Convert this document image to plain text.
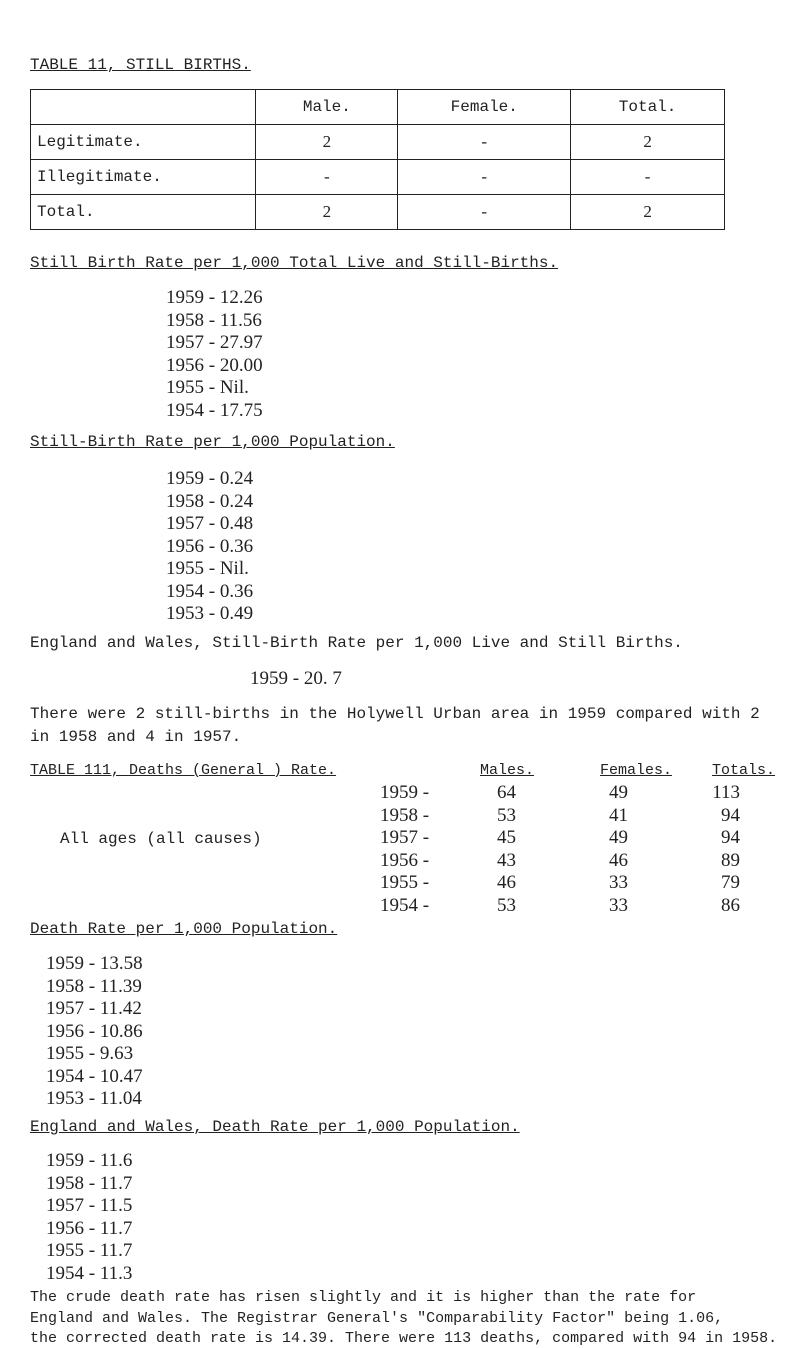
TABLE 11, STILL BIRTHS.
	Male.	Female.	Total.
Legitimate.	2	-	2
Illegitimate.	-	-	-
Total.	2	-	2
Still Birth Rate per 1,000 Total Live and Still-Births.
1959 - 12.26
1958 - 11.56
1957 - 27.97
1956 - 20.00
1955 - Nil.
1954 - 17.75
Still-Birth Rate per 1,000 Population.
1959 - 0.24
1958 - 0.24
1957 - 0.48
1956 - 0.36
1955 - Nil.
1954 - 0.36
1953 - 0.49
England and Wales, Still-Birth Rate per 1,000 Live and Still Births.
1959 - 20. 7
There were 2 still-births in the Holywell Urban area in 1959 compared with 2
in 1958 and 4 in 1957.
TABLE 111, Deaths (General ) Rate.	Males.	Females.	Totals.
All ages (all causes)
1959 -	64	49	113
1958 -	53	41	94
1957 -	45	49	94
1956 -	43	46	89
1955 -	46	33	79
1954 -	53	33	86
Death Rate per 1,000 Population.
1959 - 13.58
1958 - 11.39
1957 - 11.42
1956 - 10.86
1955 - 9.63
1954 - 10.47
1953 - 11.04
England and Wales, Death Rate per 1,000 Population.
1959 - 11.6
1958 - 11.7
1957 - 11.5
1956 - 11.7
1955 - 11.7
1954 - 11.3
The crude death rate has risen slightly and it is higher than the rate for
England and Wales. The Registrar General's "Comparability Factor" being 1.06,
the corrected death rate is 14.39. There were 113 deaths, compared with 94 in 1958.
